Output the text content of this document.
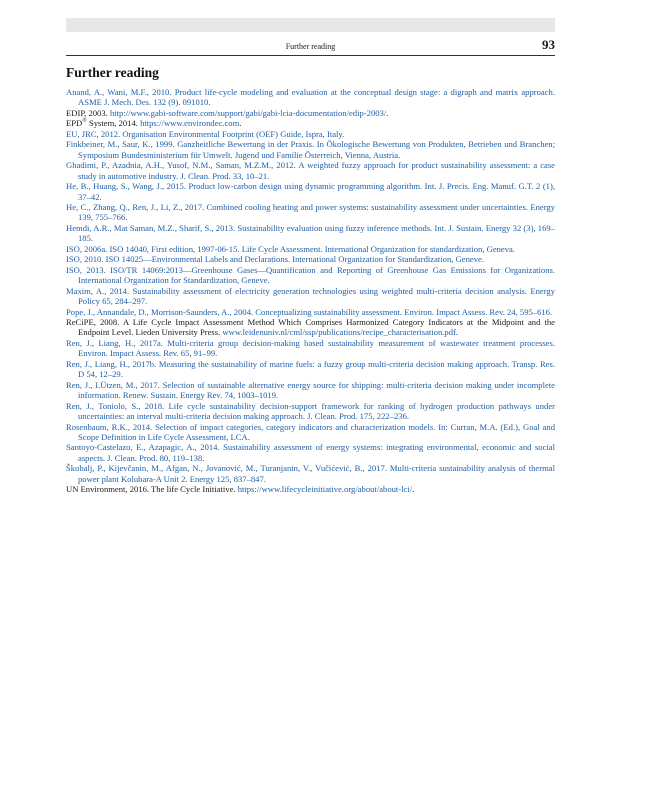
Further reading	93
Further reading
Anand, A., Wani, M.F., 2010. Product life-cycle modeling and evaluation at the conceptual design stage: a digraph and matrix approach. ASME J. Mech. Des. 132 (9). 091010.
EDIP, 2003. http://www.gabi-software.com/support/gabi/gabi-lcia-documentation/edip-2003/.
EPD® System, 2014. https://www.environdec.com.
EU, JRC, 2012. Organisation Environmental Footprint (OEF) Guide, Ispra, Italy.
Finkbeiner, M., Saur, K., 1999. Ganzheitliche Bewertung in der Praxis. In Ökologische Bewertung von Produkten, Betrieben und Branchen; Symposium Bundesministerium für Umwelt. Jugend und Familie Österreich, Vienna, Austria.
Ghadimi, P., Azadnia, A.H., Yusof, N.M., Saman, M.Z.M., 2012. A weighted fuzzy approach for product sustainability assessment: a case study in automotive industry. J. Clean. Prod. 33, 10–21.
He, B., Huang, S., Wang, J., 2015. Product low-carbon design using dynamic programming algorithm. Int. J. Precis. Eng. Manuf. G.T. 2 (1), 37–42.
He, C., Zhang, Q., Ren, J., Li, Z., 2017. Combined cooling heating and power systems: sustainability assessment under uncertainties. Energy 139, 755–766.
Hemdi, A.R., Mat Saman, M.Z., Sharif, S., 2013. Sustainability evaluation using fuzzy inference methods. Int. J. Sustain. Energy 32 (3), 169–185.
ISO, 2006a. ISO 14040, First edition, 1997-06-15. Life Cycle Assessment. International Organization for standardization, Geneva.
ISO, 2010. ISO 14025—Environmental Labels and Declarations. International Organization for Standardization, Geneve.
ISO, 2013. ISO/TR 14069:2013—Greenhouse Gases—Quantification and Reporting of Greenhouse Gas Emissions for Organizations. International Organization for Standardization, Geneve.
Maxim, A., 2014. Sustainability assessment of electricity generation technologies using weighted multi-criteria decision analysis. Energy Policy 65, 284–297.
Pope, J., Annandale, D., Morrison-Saunders, A., 2004. Conceptualizing sustainability assessment. Environ. Impact Assess. Rev. 24, 595–616.
ReCiPE, 2008. A Life Cycle Impact Assessment Method Which Comprises Harmonized Category Indicators at the Midpoint and the Endpoint Level. Lieden University Press. www.leidenuniv.nl/cml/ssp/publications/recipe_characterisation.pdf.
Ren, J., Liang, H., 2017a. Multi-criteria group decision-making based sustainability measurement of wastewater treatment processes. Environ. Impact Assess. Rev. 65, 91–99.
Ren, J., Liang, H., 2017b. Measuring the sustainability of marine fuels: a fuzzy group multi-criteria decision making approach. Transp. Res. D 54, 12–29.
Ren, J., I.Ützen, M., 2017. Selection of sustainable alternative energy source for shipping: multi-criteria decision making under incomplete information. Renew. Sustain. Energy Rev. 74, 1003–1019.
Ren, J., Toniolo, S., 2018. Life cycle sustainability decision-support framework for ranking of hydrogen production pathways under uncertainties: an interval multi-criteria decision making approach. J. Clean. Prod. 175, 222–236.
Rosenbaum, R.K., 2014. Selection of impact categories, category indicators and characterization models. In: Curran, M.A. (Ed.), Goal and Scope Definition in Life Cycle Assessment, LCA.
Santoyo-Castelazo, E., Azapagic, A., 2014. Sustainability assessment of energy systems: integrating environmental, economic and social aspects. J. Clean. Prod. 80, 119–138.
Škobalj, P., Kijevčanin, M., Afgan, N., Jovanović, M., Turanjanin, V., Vučićević, B., 2017. Multi-criteria sustainability analysis of thermal power plant Kolubara-A Unit 2. Energy 125, 837–847.
UN Environment, 2016. The life Cycle Initiative. https://www.lifecycleinitiative.org/about/about-lci/.
